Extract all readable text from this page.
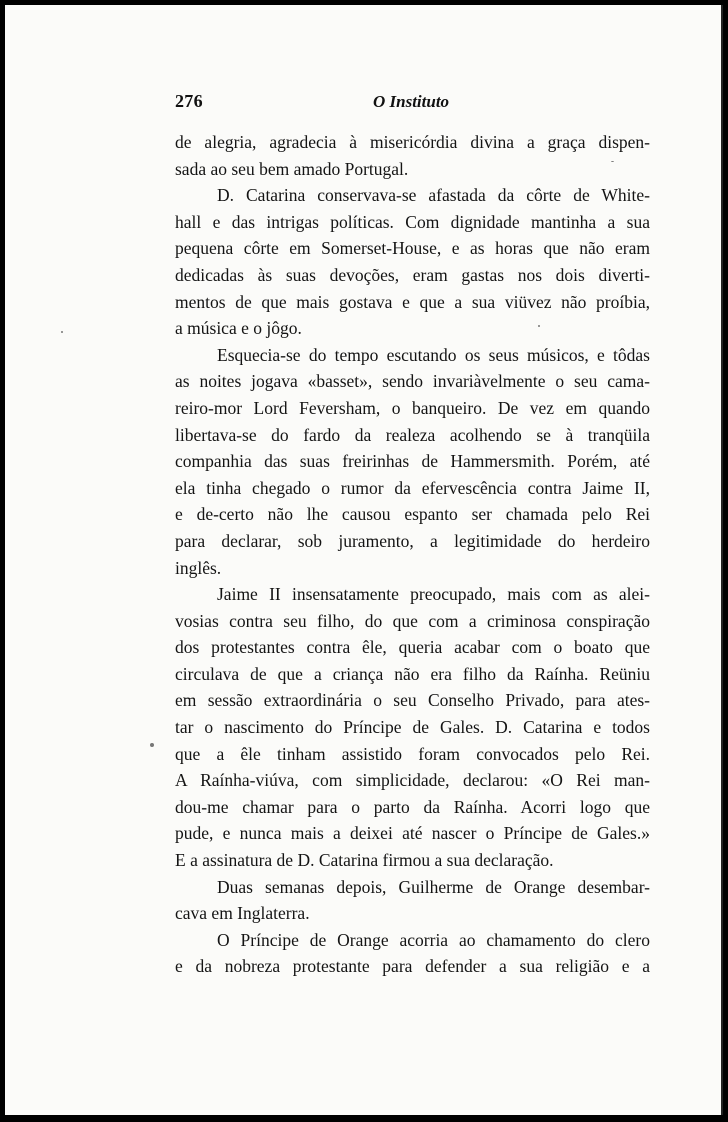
276	O Instituto
de alegria, agradecia à misericórdia divina a graça dispen-
sada ao seu bem amado Portugal.
D. Catarina conservava-se afastada da côrte de White-
hall e das intrigas políticas. Com dignidade mantinha a sua
pequena côrte em Somerset-House, e as horas que não eram
dedicadas às suas devoções, eram gastas nos dois diverti-
mentos de que mais gostava e que a sua viüvez não proíbia,
a música e o jôgo.
Esquecia-se do tempo escutando os seus músicos, e tôdas
as noites jogava «basset», sendo invariàvelmente o seu cama-
reiro-mor Lord Feversham, o banqueiro. De vez em quando
libertava-se do fardo da realeza acolhendo se à tranqüila
companhia das suas freirinhas de Hammersmith. Porém, até
ela tinha chegado o rumor da efervescência contra Jaime II,
e de-certo não lhe causou espanto ser chamada pelo Rei
para declarar, sob juramento, a legitimidade do herdeiro
inglês.
Jaime II insensatamente preocupado, mais com as alei-
vosias contra seu filho, do que com a criminosa conspiração
dos protestantes contra êle, queria acabar com o boato que
circulava de que a criança não era filho da Raínha. Reüniu
em sessão extraordinária o seu Conselho Privado, para ates-
tar o nascimento do Príncipe de Gales. D. Catarina e todos
que a êle tinham assistido foram convocados pelo Rei.
A Raínha-viúva, com simplicidade, declarou: «O Rei man-
dou-me chamar para o parto da Raínha. Acorri logo que
pude, e nunca mais a deixei até nascer o Príncipe de Gales.»
E a assinatura de D. Catarina firmou a sua declaração.
Duas semanas depois, Guilherme de Orange desembar-
cava em Inglaterra.
O Príncipe de Orange acorria ao chamamento do clero
e da nobreza protestante para defender a sua religião e a
